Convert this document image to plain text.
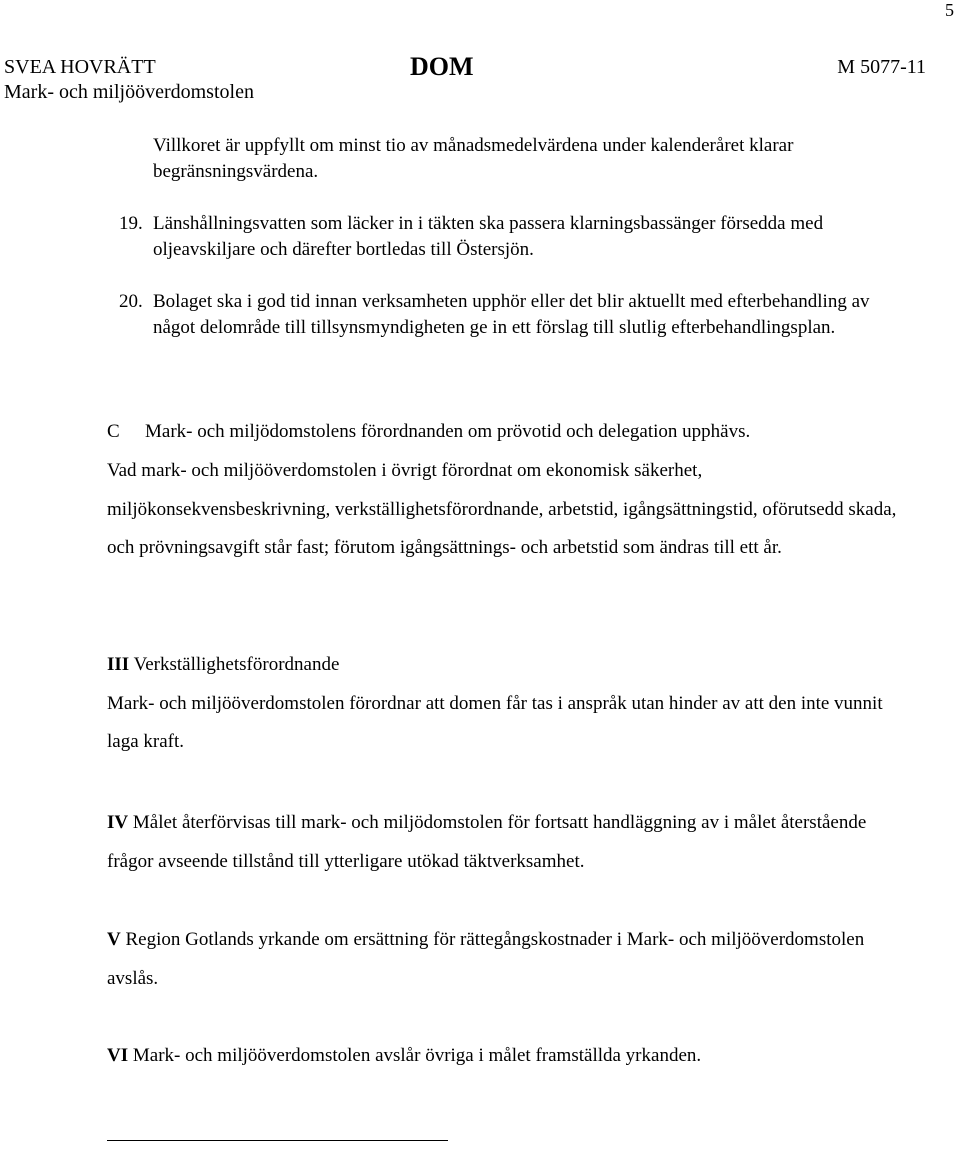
5
SVEA HOVRÄTT
Mark- och miljööverdomstolen
DOM	M 5077-11
Villkoret är uppfyllt om minst tio av månadsmedelvärdena under kalenderåret klarar begränsningsvärdena.
19. Länshållningsvatten som läcker in i täkten ska passera klarningsbassänger försedda med oljeavskiljare och därefter bortledas till Östersjön.
20. Bolaget ska i god tid innan verksamheten upphör eller det blir aktuellt med efterbehandling av något delområde till tillsynsmyndigheten ge in ett förslag till slutlig efterbehandlingsplan.
C Mark- och miljödomstolens förordnanden om prövotid och delegation upphävs.
Vad mark- och miljööverdomstolen i övrigt förordnat om ekonomisk säkerhet, miljökonsekvensbeskrivning, verkställighetsförordnande, arbetstid, igångsättningstid, oförutsedd skada, och prövningsavgift står fast; förutom igångsättnings- och arbetstid som ändras till ett år.
III Verkställighetsförordnande
Mark- och miljööverdomstolen förordnar att domen får tas i anspråk utan hinder av att den inte vunnit laga kraft.
IV Målet återförvisas till mark- och miljödomstolen för fortsatt handläggning av i målet återstående frågor avseende tillstånd till ytterligare utökad täktverksamhet.
V Region Gotlands yrkande om ersättning för rättegångskostnader i Mark- och miljööverdomstolen avslås.
VI Mark- och miljööverdomstolen avslår övriga i målet framställda yrkanden.
